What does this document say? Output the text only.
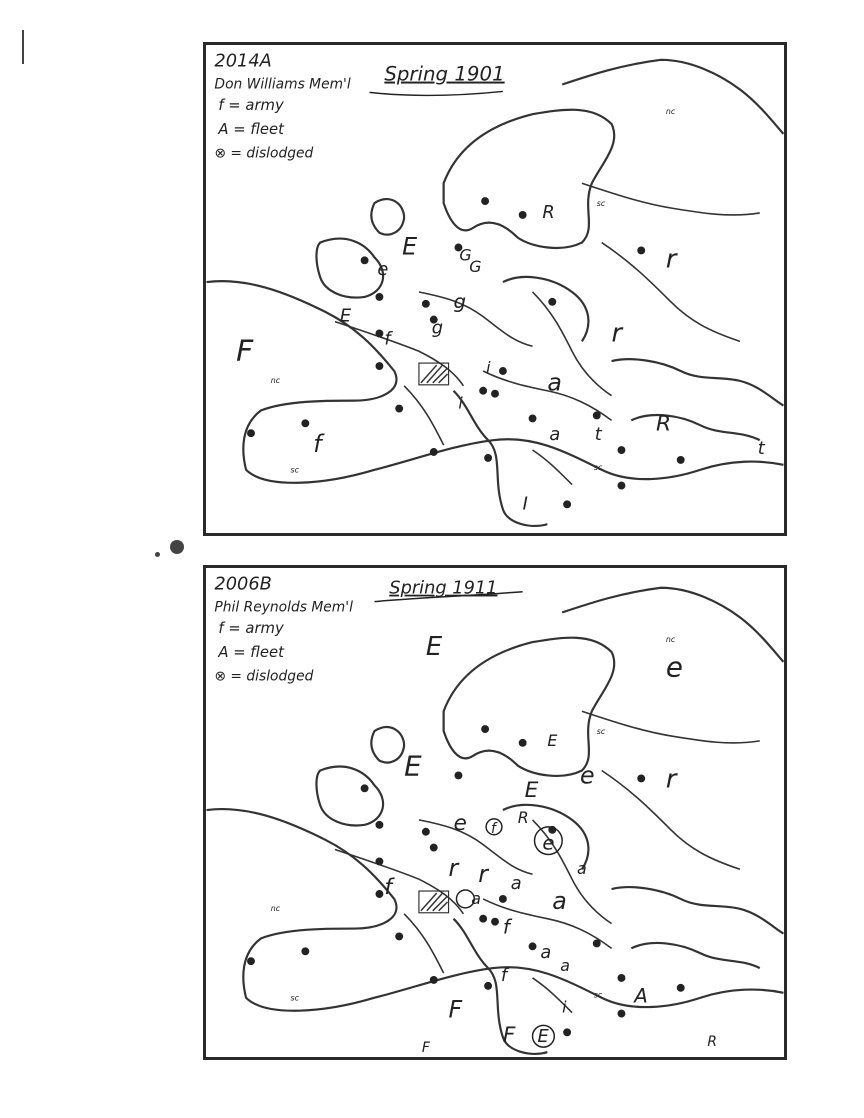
nc
sc
nc
sc
sc
2014A
Don Williams Mem'l
f = army
A = fleet
⊗ = dislodged
Spring 1901
F
E
E
e
G
G
g
g
f
R
r
r
R
a
a
i
i
t
t
f
I
nc
sc
nc
sc
sc
2006B
Phil Reynolds Mem'l
f = army
A = fleet
⊗ = dislodged
Spring 1911
E
e
E
E
E
e
e
r
e
R
f
f
r r a
a
a
a
a
a
f
f
F
F
F
E
i	A
R
